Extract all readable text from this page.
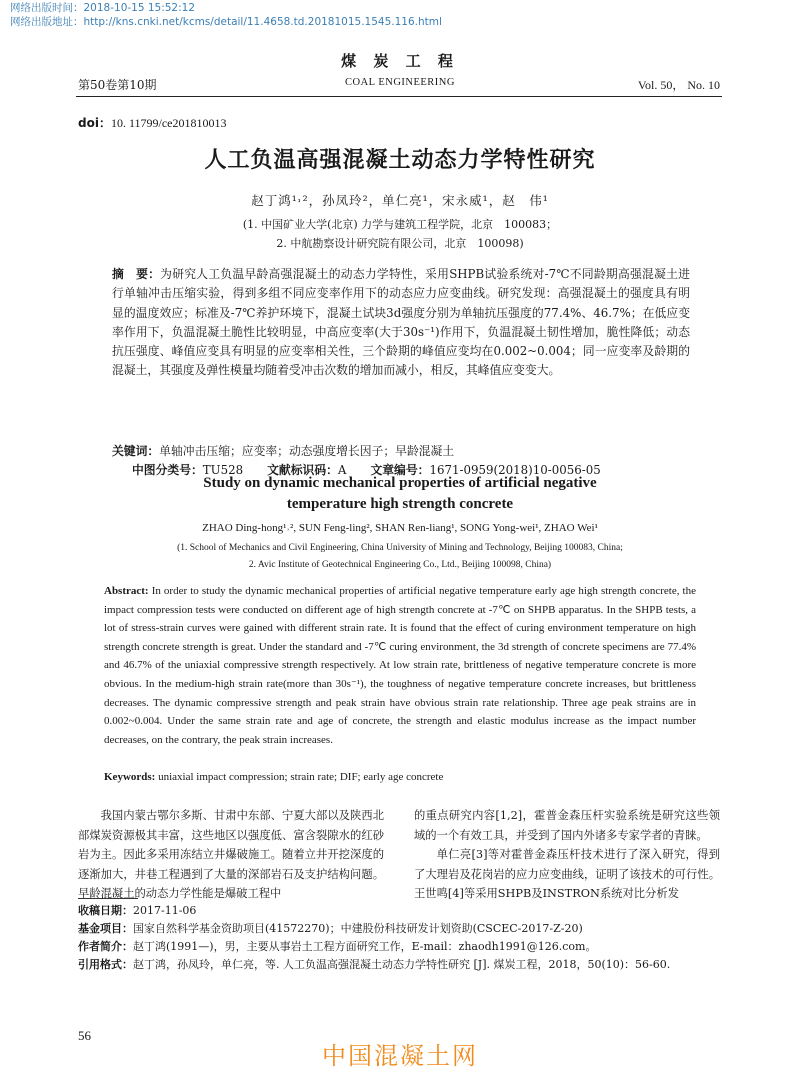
网络出版时间：2018-10-15 15:52:12
网络出版地址：http://kns.cnki.net/kcms/detail/11.4658.td.20181015.1545.116.html
煤 炭 工 程
第50卷第10期	COAL ENGINEERING	Vol. 50， No. 10
doi：10. 11799/ce201810013
人工负温高强混凝土动态力学特性研究
赵丁鸿¹˒²，孙凤玲²，单仁亮¹，宋永威¹，赵　伟¹
(1. 中国矿业大学(北京) 力学与建筑工程学院，北京　100083；
2. 中航勘察设计研究院有限公司，北京　100098)
摘　要：为研究人工负温早龄高强混凝土的动态力学特性，采用SHPB试验系统对-7℃不同龄期高强混凝土进行单轴冲击压缩实验，得到多组不同应变率作用下的动态应力应变曲线。研究发现：高强混凝土的强度具有明显的温度效应；标准及-7℃养护环境下，混凝土试块3d强度分别为单轴抗压强度的77.4%、46.7%；在低应变率作用下，负温混凝土脆性比较明显，中高应变率(大于30s⁻¹)作用下，负温混凝土韧性增加，脆性降低；动态抗压强度、峰值应变具有明显的应变率相关性，三个龄期的峰值应变均在0.002~0.004；同一应变率及龄期的混凝土，其强度及弹性模量均随着受冲击次数的增加而减小，相反，其峰值应变变大。
关键词：单轴冲击压缩；应变率；动态强度增长因子；早龄混凝土
中图分类号：TU528 文献标识码：A 文章编号：1671-0959(2018)10-0056-05
Study on dynamic mechanical properties of artificial negative
temperature high strength concrete
ZHAO Ding-hong¹˒², SUN Feng-ling², SHAN Ren-liang¹, SONG Yong-wei¹, ZHAO Wei¹
(1. School of Mechanics and Civil Engineering, China University of Mining and Technology, Beijing 100083, China;
2. Avic Institute of Geotechnical Engineering Co., Ltd., Beijing 100098, China)
Abstract: In order to study the dynamic mechanical properties of artificial negative temperature early age high strength concrete, the impact compression tests were conducted on different age of high strength concrete at -7℃ on SHPB apparatus. In the SHPB tests, a lot of stress-strain curves were gained with different strain rate. It is found that the effect of curing environment temperature on high strength concrete strength is great. Under the standard and -7℃ curing environment, the 3d strength of concrete specimens are 77.4% and 46.7% of the uniaxial compressive strength respectively. At low strain rate, brittleness of negative temperature concrete is more obvious. In the medium-high strain rate(more than 30s⁻¹), the toughness of negative temperature concrete increases, but brittleness decreases. The dynamic compressive strength and peak strain have obvious strain rate relationship. Three age peak strains are in 0.002~0.004. Under the same strain rate and age of concrete, the strength and elastic modulus increase as the impact number decreases, on the contrary, the peak strain increases.
Keywords: uniaxial impact compression; strain rate; DIF; early age concrete
我国内蒙古鄂尔多斯、甘肃中东部、宁夏大部以及陕西北部煤炭资源极其丰富，这些地区以强度低、富含裂隙水的红砂岩为主。因此多采用冻结立井爆破施工。随着立井开挖深度的逐渐加大，井巷工程遇到了大量的深部岩石及支护结构问题。早龄混凝土的动态力学性能是爆破工程中
的重点研究内容[1,2]，霍普金森压杆实验系统是研究这些领域的一个有效工具，并受到了国内外诸多专家学者的青睐。
单仁亮[3]等对霍普金森压杆技术进行了深入研究，得到了大理岩及花岗岩的应力应变曲线，证明了该技术的可行性。王世鸣[4]等采用SHPB及INSTRON系统对比分析发
收稿日期：2017-11-06
基金项目：国家自然科学基金资助项目(41572270)；中建股份科技研发计划资助(CSCEC-2017-Z-20)
作者简介：赵丁鸿(1991—)，男，主要从事岩土工程方面研究工作，E-mail：zhaodh1991@126.com。
引用格式：赵丁鸿，孙凤玲，单仁亮，等. 人工负温高强混凝土动态力学特性研究 [J]. 煤炭工程，2018，50(10)：56-60.
56
中国混凝土网
